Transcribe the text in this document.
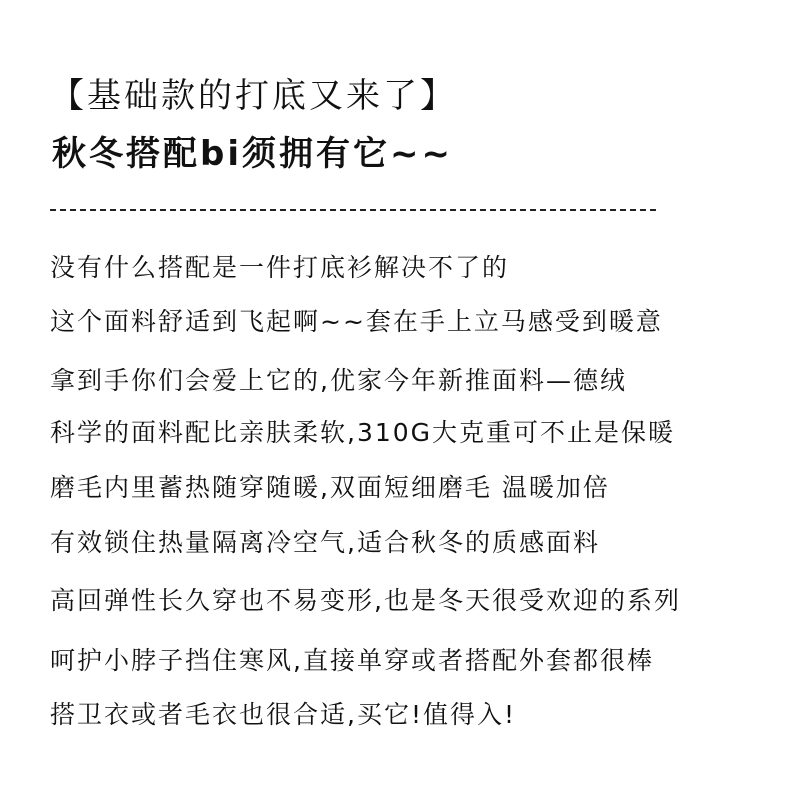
【基础款的打底又来了】
秋冬搭配bi须拥有它~~
没有什么搭配是一件打底衫解决不了的
这个面料舒适到飞起啊~~套在手上立马感受到暖意
拿到手你们会爱上它的,优家今年新推面料—德绒
科学的面料配比亲肤柔软,310G大克重可不止是保暖
磨毛内里蓄热随穿随暖,双面短细磨毛 温暖加倍
有效锁住热量隔离冷空气,适合秋冬的质感面料
高回弹性长久穿也不易变形,也是冬天很受欢迎的系列
呵护小脖子挡住寒风,直接单穿或者搭配外套都很棒
搭卫衣或者毛衣也很合适,买它!值得入!
